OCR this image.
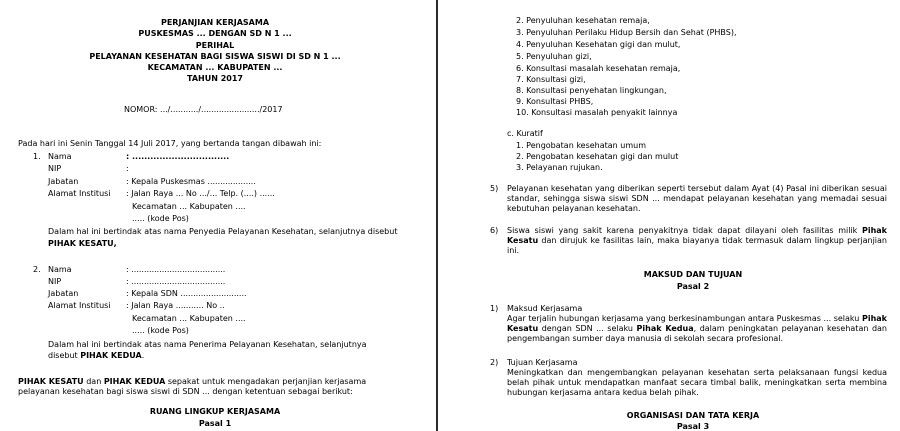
PERJANJIAN KERJASAMA
PUSKESMAS ... DENGAN SD N 1 ...
PERIHAL
PELAYANAN KESEHATAN BAGI SISWA SISWI DI SD N 1 ...
KECAMATAN ... KABUPATEN ...
TAHUN 2017
NOMOR: .../.........../......................./2017
Pada hari ini Senin Tanggal 14 Juli 2017, yang bertanda tangan dibawah ini:
1. Nama	: ................................
NIP	:
Jabatan	: Kepala Puskesmas ...................
Alamat Institusi : Jalan Raya ... No .../... Telp. (....) ......
Kecamatan ... Kabupaten ....
..... (kode Pos)
Dalam hal ini bertindak atas nama Penyedia Pelayanan Kesehatan, selanjutnya disebut
PIHAK KESATU,
2. Nama	: .....................................
NIP	: .....................................
Jabatan	: Kepala SDN ..........................
Alamat Institusi : Jalan Raya ........... No ..
Kecamatan ... Kabupaten ....
..... (kode Pos)
Dalam hal ini bertindak atas nama Penerima Pelayanan Kesehatan, selanjutnya
disebut PIHAK KEDUA.
PIHAK KESATU dan PIHAK KEDUA sepakat untuk mengadakan perjanjian kerjasama
pelayanan kesehatan bagi siswa siswi di SDN ... dengan ketentuan sebagai berikut:
RUANG LINGKUP KERJASAMA
Pasal 1
2. Penyuluhan kesehatan remaja,
3. Penyuluhan Perilaku Hidup Bersih dan Sehat (PHBS),
4. Penyuluhan Kesehatan gigi dan mulut,
5. Penyuluhan gizi,
6. Konsultasi masalah kesehatan remaja,
7. Konsultasi gizi,
8. Konsultasi penyehatan lingkungan,
9. Konsultasi PHBS,
10. Konsultasi masalah penyakit lainnya
c. Kuratif
1. Pengobatan kesehatan umum
2. Pengobatan kesehatan gigi dan mulut
3. Pelayanan rujukan.
5) Pelayanan kesehatan yang diberikan seperti tersebut dalam Ayat (4) Pasal ini diberikan sesuai standar, sehingga siswa siswi SDN ... mendapat pelayanan kesehatan yang memadai sesuai kebutuhan pelayanan kesehatan.
6) Siswa siswi yang sakit karena penyakitnya tidak dapat dilayani oleh fasilitas milik Pihak Kesatu dan dirujuk ke fasilitas lain, maka biayanya tidak termasuk dalam lingkup perjanjian ini.
MAKSUD DAN TUJUAN
Pasal 2
1) Maksud Kerjasama
Agar terjalin hubungan kerjasama yang berkesinambungan antara Puskesmas ... selaku Pihak Kesatu dengan SDN ... selaku Pihak Kedua, dalam peningkatan pelayanan kesehatan dan pengembangan sumber daya manusia di sekolah secara profesional.
2) Tujuan Kerjasama
Meningkatkan dan mengembangkan pelayanan kesehatan serta pelaksanaan fungsi kedua belah pihak untuk mendapatkan manfaat secara timbal balik, meningkatkan serta membina hubungan kerjasama antara kedua belah pihak.
ORGANISASI DAN TATA KERJA
Pasal 3
